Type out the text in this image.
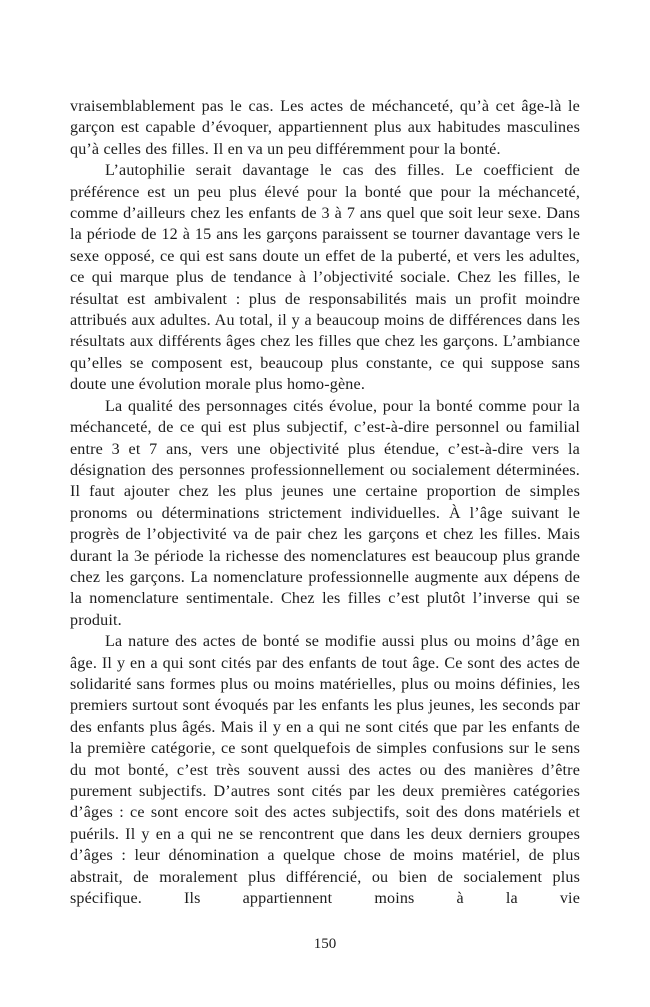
vraisemblablement pas le cas. Les actes de méchanceté, qu’à cet âge-là le garçon est capable d’évoquer, appartiennent plus aux habitudes masculines qu’à celles des filles. Il en va un peu différemment pour la bonté.

L’autophilie serait davantage le cas des filles. Le coefficient de préférence est un peu plus élevé pour la bonté que pour la méchanceté, comme d’ailleurs chez les enfants de 3 à 7 ans quel que soit leur sexe. Dans la période de 12 à 15 ans les garçons paraissent se tourner davantage vers le sexe opposé, ce qui est sans doute un effet de la puberté, et vers les adultes, ce qui marque plus de tendance à l’objectivité sociale. Chez les filles, le résultat est ambivalent : plus de responsabilités mais un profit moindre attribués aux adultes. Au total, il y a beaucoup moins de différences dans les résultats aux différents âges chez les filles que chez les garçons. L’ambiance qu’elles se composent est, beaucoup plus constante, ce qui suppose sans doute une évolution morale plus homo-gène.

La qualité des personnages cités évolue, pour la bonté comme pour la méchanceté, de ce qui est plus subjectif, c’est-à-dire personnel ou familial entre 3 et 7 ans, vers une objectivité plus étendue, c’est-à-dire vers la désignation des personnes professionnellement ou socialement déterminées. Il faut ajouter chez les plus jeunes une certaine proportion de simples pronoms ou déterminations strictement individuelles. À l’âge suivant le progrès de l’objectivité va de pair chez les garçons et chez les filles. Mais durant la 3e période la richesse des nomenclatures est beaucoup plus grande chez les garçons. La nomenclature professionnelle augmente aux dépens de la nomenclature sentimentale. Chez les filles c’est plutôt l’inverse qui se produit.

La nature des actes de bonté se modifie aussi plus ou moins d’âge en âge. Il y en a qui sont cités par des enfants de tout âge. Ce sont des actes de solidarité sans formes plus ou moins matérielles, plus ou moins définies, les premiers surtout sont évoqués par les enfants les plus jeunes, les seconds par des enfants plus âgés. Mais il y en a qui ne sont cités que par les enfants de la première catégorie, ce sont quelquefois de simples confusions sur le sens du mot bonté, c’est très souvent aussi des actes ou des manières d’être purement subjectifs. D’autres sont cités par les deux premières catégories d’âges : ce sont encore soit des actes subjectifs, soit des dons matériels et puérils. Il y en a qui ne se rencontrent que dans les deux derniers groupes d’âges : leur dénomination a quelque chose de moins matériel, de plus abstrait, de moralement plus différencié, ou bien de socialement plus spécifique. Ils appartiennent moins à la vie

150
